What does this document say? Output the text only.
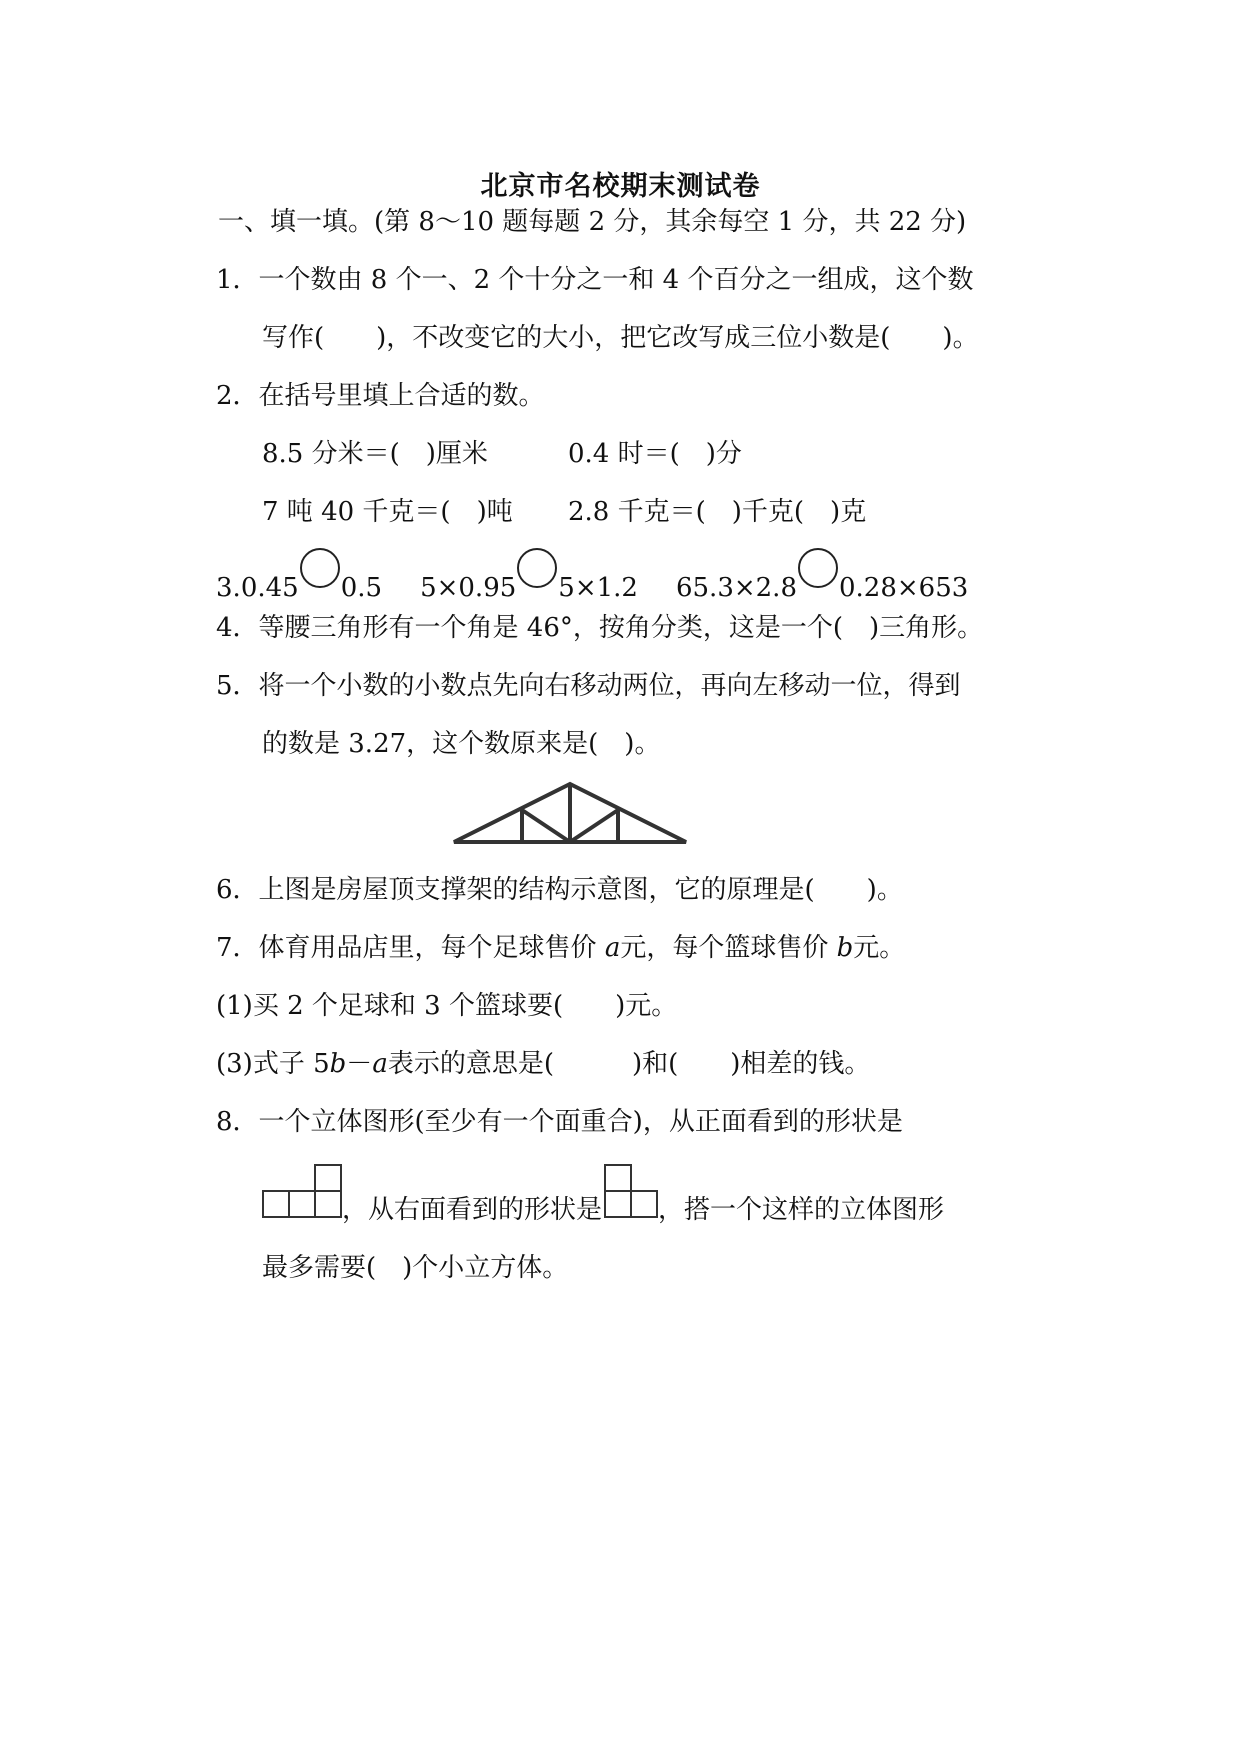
北京市名校期末测试卷
一、填一填。(第 8～10 题每题 2 分，其余每空 1 分，共 22 分)
1．一个数由 8 个一、2 个十分之一和 4 个百分之一组成，这个数
写作(　　)，不改变它的大小，把它改写成三位小数是(　　)。
2．在括号里填上合适的数。
8.5 分米＝(　)厘米	0.4 时＝(　)分
7 吨 40 千克＝(　)吨 2.8 千克＝(　)千克(　)克
3.0.45 0.5 5×0.95 5×1.2 65.3×2.8 0.28×653
4．等腰三角形有一个角是 46°，按角分类，这是一个(　)三角形。
5．将一个小数的小数点先向右移动两位，再向左移动一位，得到
的数是 3.27，这个数原来是(　)。
6．上图是房屋顶支撑架的结构示意图，它的原理是(　　)。
7．体育用品店里，每个足球售价 a元，每个篮球售价 b元。
(1)买 2 个足球和 3 个篮球要(　　)元。
(3)式子 5b－a表示的意思是(　　　)和(　　)相差的钱。
8．一个立体图形(至少有一个面重合)，从正面看到的形状是
，从右面看到的形状是 ，搭一个这样的立体图形
最多需要(　)个小立方体。
